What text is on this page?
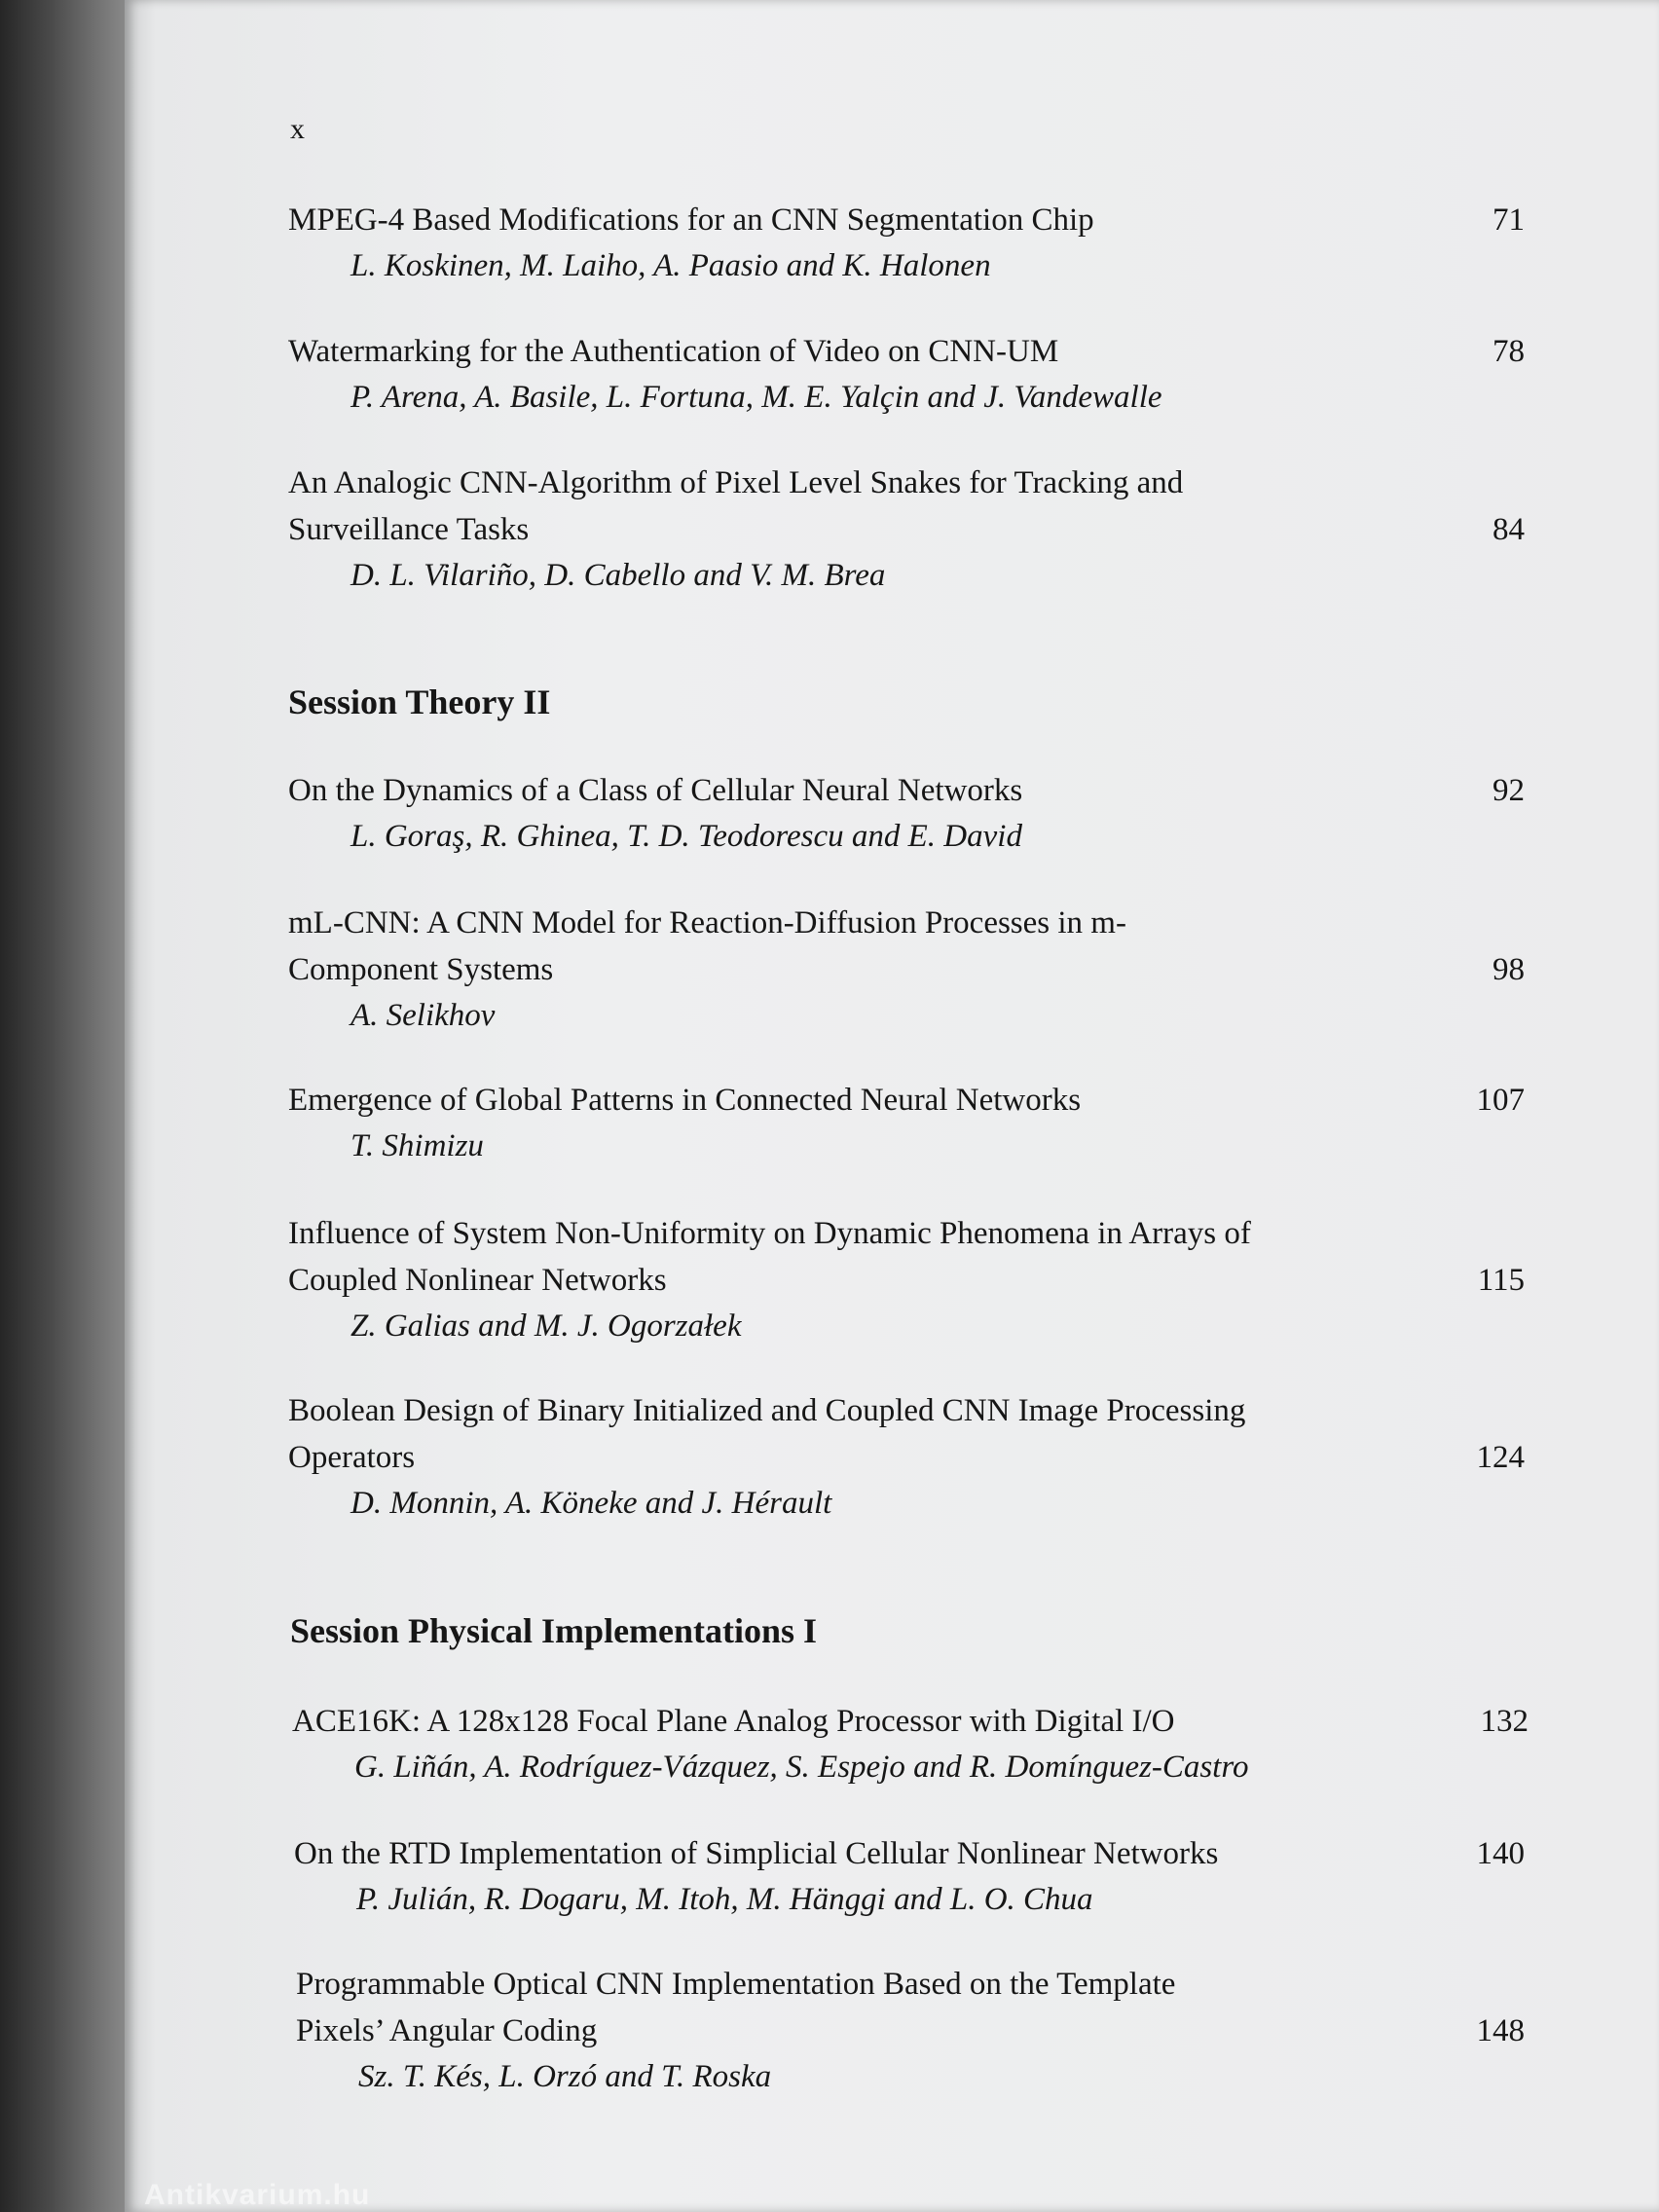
Antikvarium.hu
x
MPEG-4 Based Modifications for an CNN Segmentation Chip
L. Koskinen, M. Laiho, A. Paasio and K. Halonen
71
Watermarking for the Authentication of Video on CNN-UM
P. Arena, A. Basile, L. Fortuna, M. E. Yalçin and J. Vandewalle
78
An Analogic CNN-Algorithm of Pixel Level Snakes for Tracking and
Surveillance Tasks
D. L. Vilariño, D. Cabello and V. M. Brea
84
Session Theory II
On the Dynamics of a Class of Cellular Neural Networks
L. Goraş, R. Ghinea, T. D. Teodorescu and E. David
92
mL-CNN: A CNN Model for Reaction-Diffusion Processes in m-
Component Systems
A. Selikhov
98
Emergence of Global Patterns in Connected Neural Networks
T. Shimizu
107
Influence of System Non-Uniformity on Dynamic Phenomena in Arrays of
Coupled Nonlinear Networks
Z. Galias and M. J. Ogorzałek
115
Boolean Design of Binary Initialized and Coupled CNN Image Processing
Operators
D. Monnin, A. Köneke and J. Hérault
124
Session Physical Implementations I
ACE16K: A 128x128 Focal Plane Analog Processor with Digital I/O
G. Liñán, A. Rodríguez-Vázquez, S. Espejo and R. Domínguez-Castro
132
On the RTD Implementation of Simplicial Cellular Nonlinear Networks
P. Julián, R. Dogaru, M. Itoh, M. Hänggi and L. O. Chua
140
Programmable Optical CNN Implementation Based on the Template
Pixels’ Angular Coding
Sz. T. Kés, L. Orzó and T. Roska
148
